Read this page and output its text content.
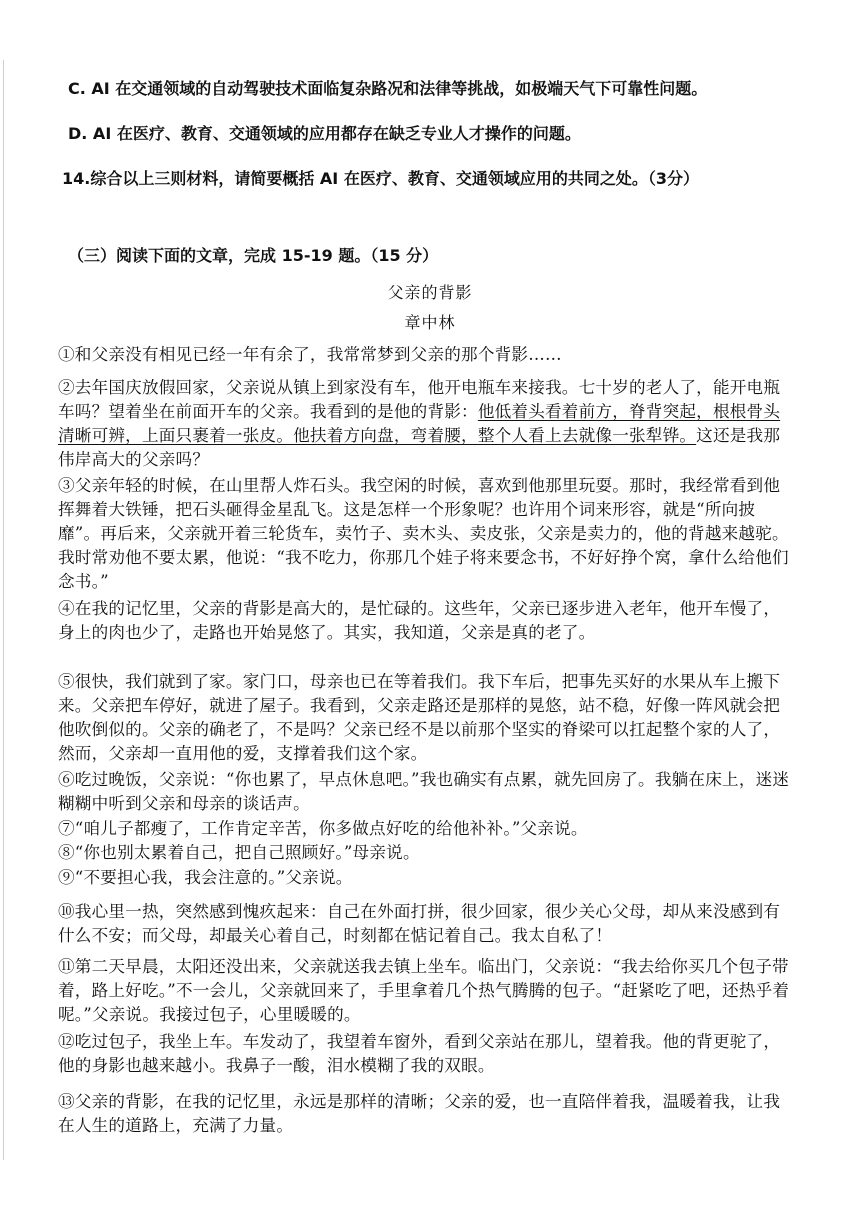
C. AI 在交通领域的自动驾驶技术面临复杂路况和法律等挑战，如极端天气下可靠性问题。
D. AI 在医疗、教育、交通领域的应用都存在缺乏专业人才操作的问题。
14.综合以上三则材料，请简要概括 AI 在医疗、教育、交通领域应用的共同之处。（3分）
（三）阅读下面的文章，完成 15-19 题。（15 分）
父亲的背影
章中林
①和父亲没有相见已经一年有余了，我常常梦到父亲的那个背影……
②去年国庆放假回家，父亲说从镇上到家没有车，他开电瓶车来接我。七十岁的老人了，能开电瓶车吗？望着坐在前面开车的父亲。我看到的是他的背影：他低着头看着前方，脊背突起，根根骨头清晰可辨，上面只裹着一张皮。他扶着方向盘，弯着腰，整个人看上去就像一张犁铧。这还是我那伟岸高大的父亲吗？
③父亲年轻的时候，在山里帮人炸石头。我空闲的时候，喜欢到他那里玩耍。那时，我经常看到他挥舞着大铁锤，把石头砸得金星乱飞。这是怎样一个形象呢？也许用个词来形容，就是“所向披靡”。再后来，父亲就开着三轮货车，卖竹子、卖木头、卖皮张，父亲是卖力的，他的背越来越驼。我时常劝他不要太累，他说：“我不吃力，你那几个娃子将来要念书，不好好挣个窝，拿什么给他们念书。”
④在我的记忆里，父亲的背影是高大的，是忙碌的。这些年，父亲已逐步进入老年，他开车慢了，身上的肉也少了，走路也开始晃悠了。其实，我知道，父亲是真的老了。
⑤很快，我们就到了家。家门口，母亲也已在等着我们。我下车后，把事先买好的水果从车上搬下来。父亲把车停好，就进了屋子。我看到，父亲走路还是那样的晃悠，站不稳，好像一阵风就会把他吹倒似的。父亲的确老了，不是吗？父亲已经不是以前那个坚实的脊梁可以扛起整个家的人了，然而，父亲却一直用他的爱，支撑着我们这个家。
⑥吃过晚饭，父亲说：“你也累了，早点休息吧。”我也确实有点累，就先回房了。我躺在床上，迷迷糊糊中听到父亲和母亲的谈话声。
⑦“咱儿子都瘦了，工作肯定辛苦，你多做点好吃的给他补补。”父亲说。
⑧“你也别太累着自己，把自己照顾好。”母亲说。
⑨“不要担心我，我会注意的。”父亲说。
⑩我心里一热，突然感到愧疚起来：自己在外面打拼，很少回家，很少关心父母，却从来没感到有什么不安；而父母，却最关心着自己，时刻都在惦记着自己。我太自私了！
⑪第二天早晨，太阳还没出来，父亲就送我去镇上坐车。临出门，父亲说：“我去给你买几个包子带着，路上好吃。”不一会儿，父亲就回来了，手里拿着几个热气腾腾的包子。“赶紧吃了吧，还热乎着呢。”父亲说。我接过包子，心里暖暖的。
⑫吃过包子，我坐上车。车发动了，我望着车窗外，看到父亲站在那儿，望着我。他的背更驼了，他的身影也越来越小。我鼻子一酸，泪水模糊了我的双眼。
⑬父亲的背影，在我的记忆里，永远是那样的清晰；父亲的爱，也一直陪伴着我，温暖着我，让我在人生的道路上，充满了力量。
